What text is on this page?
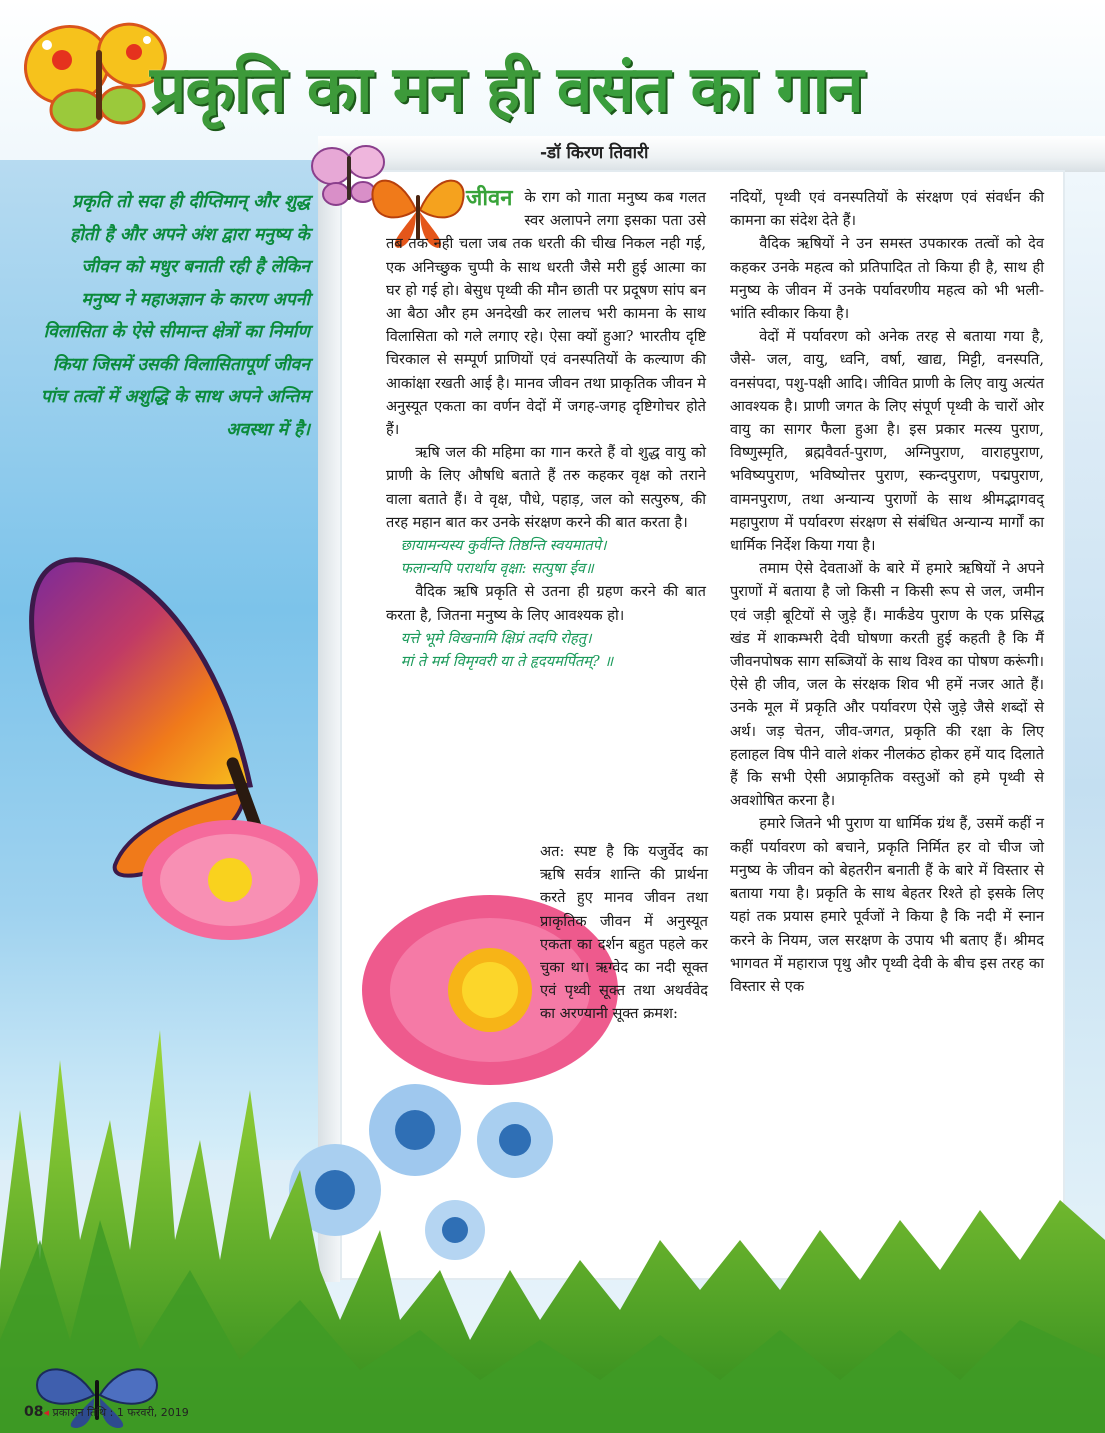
प्रकृति का मन ही वसंत का गान
-डॉ किरण तिवारी
प्रकृति तो सदा ही दीप्तिमान् और शुद्ध होती है और अपने अंश द्वारा मनुष्य के जीवन को मधुर बनाती रही है लेकिन मनुष्य ने महाअज्ञान के कारण अपनी विलासिता के ऐसे सीमान्त क्षेत्रों का निर्माण किया जिसमें उसकी विलासितापूर्ण जीवन पांच तत्वों में अशुद्धि के साथ अपने अन्तिम अवस्था में है।

जीवन के राग को गाता मनुष्य कब गलत स्वर अलापने लगा इसका पता उसे तब तक नही चला जब तक धरती की चीख निकल नही गई, एक अनिच्छुक चुप्पी के साथ धरती जैसे मरी हुई आत्मा का घर हो गई हो। बेसुध पृथ्वी की मौन छाती पर प्रदूषण सांप बन आ बैठा और हम अनदेखी कर लालच भरी कामना के साथ विलासिता को गले लगाए रहे। ऐसा क्यों हुआ? भारतीय दृष्टि चिरकाल से सम्पूर्ण प्राणियों एवं वनस्पतियों के कल्याण की आकांक्षा रखती आई है। मानव जीवन तथा प्राकृतिक जीवन मे अनुस्यूत एकता का वर्णन वेदों में जगह-जगह दृष्टिगोचर होते हैं।

ऋषि जल की महिमा का गान करते हैं वो शुद्ध वायु को प्राणी के लिए औषधि बताते हैं तरु कहकर वृक्ष को तराने वाला बताते हैं। वे वृक्ष, पौधे, पहाड़, जल को सत्पुरुष, की तरह महान बात कर उनके संरक्षण करने की बात करता है।

छायामन्यस्य कुर्वन्ति तिष्ठन्ति स्वयमातपे।

फलान्यपि परार्थाय वृक्षा: सत्पुषा ईव॥

वैदिक ऋषि प्रकृति से उतना ही ग्रहण करने की बात करता है, जितना मनुष्य के लिए आवश्यक हो।

यत्ते भूमे विखनामि क्षिप्रं तदपि रोहतु।

मां ते मर्म विमृग्वरी या ते हृदयमर्पितम्? ॥

अत: स्पष्ट है कि यजुर्वेद का ऋषि सर्वत्र शान्ति की प्रार्थना करते हुए मानव जीवन तथा प्राकृतिक जीवन में अनुस्यूत एकता का दर्शन बहुत पहले कर चुका था। ऋग्वेद का नदी सूक्त एवं पृथ्वी सूक्त तथा अथर्ववेद का अरण्यानी सूक्त क्रमश:

नदियों, पृथ्वी एवं वनस्पतियों के संरक्षण एवं संवर्धन की कामना का संदेश देते हैं।

वैदिक ऋषियों ने उन समस्त उपकारक तत्वों को देव कहकर उनके महत्व को प्रतिपादित तो किया ही है, साथ ही मनुष्य के जीवन में उनके पर्यावरणीय महत्व को भी भली-भांति स्वीकार किया है।

वेदों में पर्यावरण को अनेक तरह से बताया गया है, जैसे- जल, वायु, ध्वनि, वर्षा, खाद्य, मिट्टी, वनस्पति, वनसंपदा, पशु-पक्षी आदि। जीवित प्राणी के लिए वायु अत्यंत आवश्यक है। प्राणी जगत के लिए संपूर्ण पृथ्वी के चारों ओर वायु का सागर फैला हुआ है। इस प्रकार मत्स्य पुराण, विष्णुस्मृति, ब्रह्मवैवर्त-पुराण, अग्निपुराण, वाराहपुराण, भविष्यपुराण, भविष्योत्तर पुराण, स्कन्दपुराण, पद्मपुराण, वामनपुराण, तथा अन्यान्य पुराणों के साथ श्रीमद्भागवद् महापुराण में पर्यावरण संरक्षण से संबंधित अन्यान्य मार्गों का धार्मिक निर्देश किया गया है।

तमाम ऐसे देवताओं के बारे में हमारे ऋषियों ने अपने पुराणों में बताया है जो किसी न किसी रूप से जल, जमीन एवं जड़ी बूटियों से जुड़े हैं। मार्कंडेय पुराण के एक प्रसिद्ध खंड में शाकम्भरी देवी घोषणा करती हुई कहती है कि मैं जीवनपोषक साग सब्जियों के साथ विश्व का पोषण करूंगी। ऐसे ही जीव, जल के संरक्षक शिव भी हमें नजर आते हैं। उनके मूल में प्रकृति और पर्यावरण ऐसे जुड़े जैसे शब्दों से अर्थ। जड़ चेतन, जीव-जगत, प्रकृति की रक्षा के लिए हलाहल विष पीने वाले शंकर नीलकंठ होकर हमें याद दिलाते हैं कि सभी ऐसी अप्राकृतिक वस्तुओं को हमे पृथ्वी से अवशोषित करना है।

हमारे जितने भी पुराण या धार्मिक ग्रंथ हैं, उसमें कहीं न कहीं पर्यावरण को बचाने, प्रकृति निर्मित हर वो चीज जो मनुष्य के जीवन को बेहतरीन बनाती हैं के बारे में विस्तार से बताया गया है। प्रकृति के साथ बेहतर रिश्ते हो इसके लिए यहां तक प्रयास हमारे पूर्वजों ने किया है कि नदी में स्नान करने के नियम, जल सरक्षण के उपाय भी बताए हैं। श्रीमद भागवत में महाराज पृथु और पृथ्वी देवी के बीच इस तरह का विस्तार से एक

08◂ प्रकाशन तिथि : 1 फरवरी, 2019
